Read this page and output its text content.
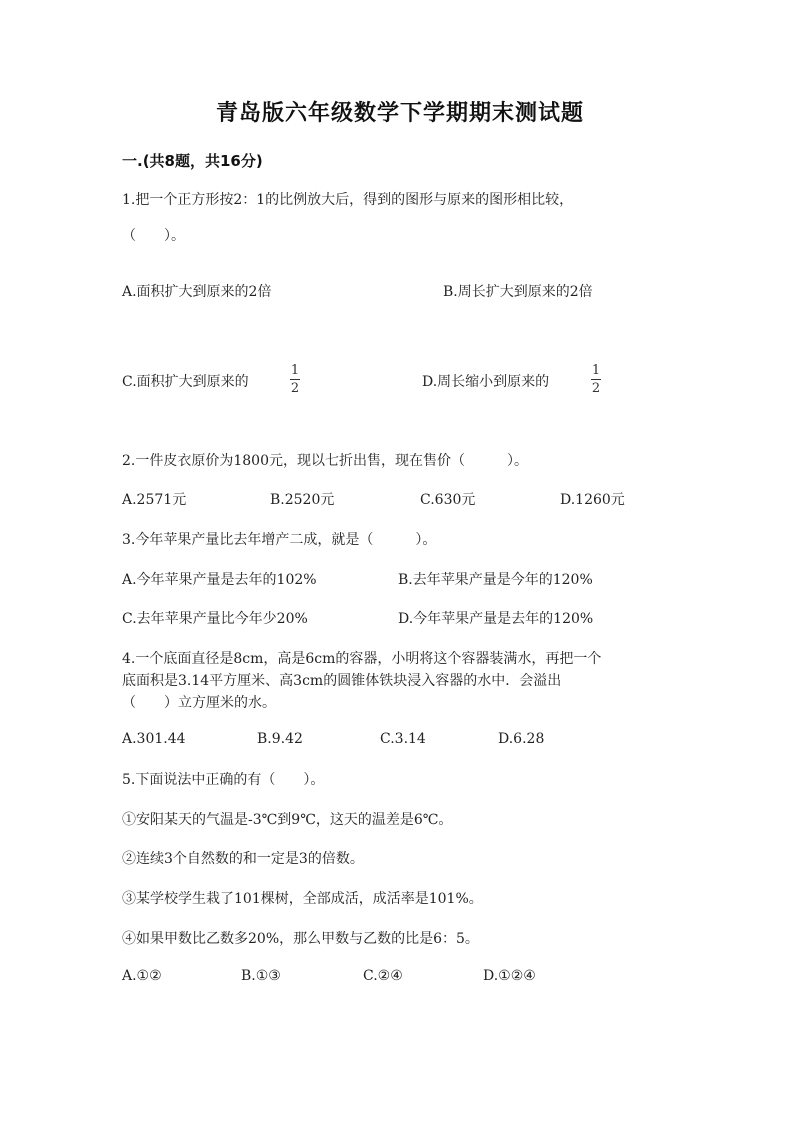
青岛版六年级数学下学期期末测试题
一.(共8题，共16分)
1.把一个正方形按2：1的比例放大后，得到的图形与原来的图形相比较，
（　　）。
A.面积扩大到原来的2倍	B.周长扩大到原来的2倍
C.面积扩大到原来的	$\frac{1}{2}$	D.周长缩小到原来的	$\frac{1}{2}$
2.一件皮衣原价为1800元，现以七折出售，现在售价（　　　）。
A.2571元	B.2520元	C.630元	D.1260元
3.今年苹果产量比去年增产二成，就是（　　　）。
A.今年苹果产量是去年的102%	B.去年苹果产量是今年的120%
C.去年苹果产量比今年少20%	D.今年苹果产量是去年的120%
4.一个底面直径是8cm，高是6cm的容器，小明将这个容器装满水，再把一个
底面积是3.14平方厘米、高3cm的圆锥体铁块浸入容器的水中．会溢出
（　　）立方厘米的水。
A.301.44	B.9.42	C.3.14	D.6.28
5.下面说法中正确的有（　　）。
①安阳某天的气温是-3℃到9℃，这天的温差是6℃。
②连续3个自然数的和一定是3的倍数。
③某学校学生栽了101棵树，全部成活，成活率是101%。
④如果甲数比乙数多20%，那么甲数与乙数的比是6：5。
A.①②	B.①③	C.②④	D.①②④
